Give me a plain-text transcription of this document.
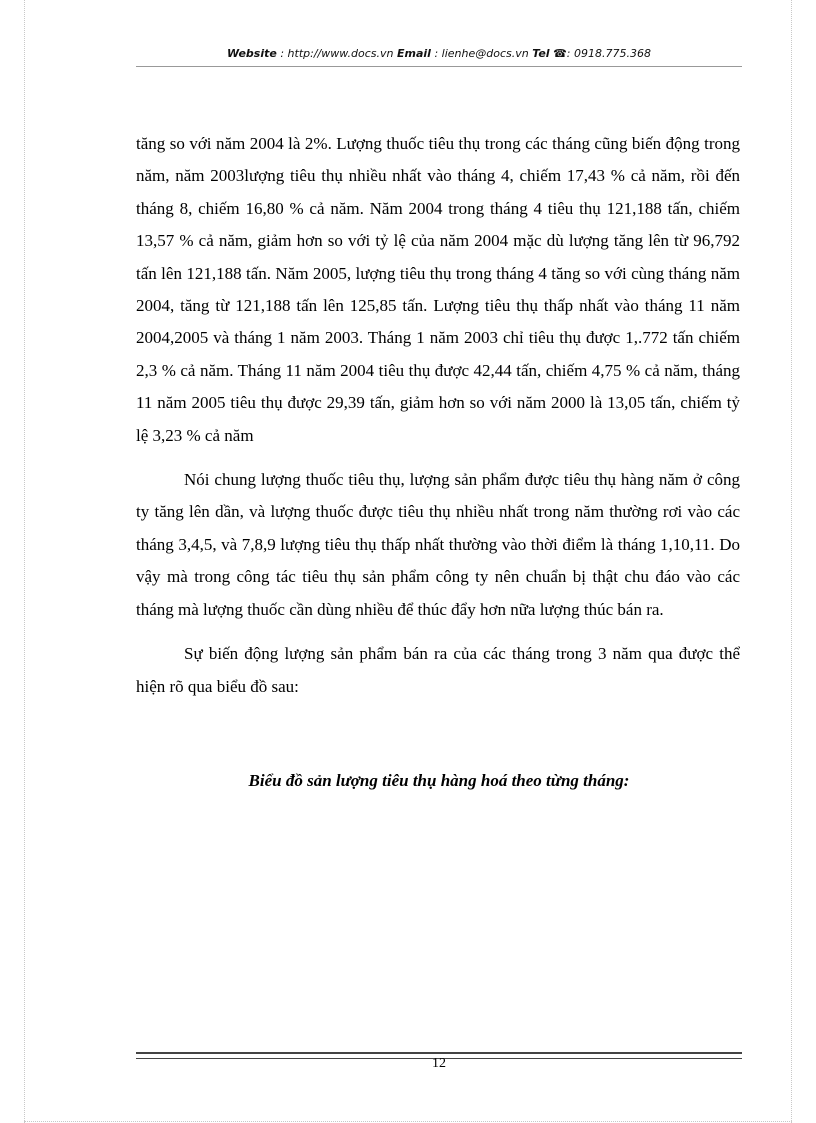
Website : http://www.docs.vn Email : lienhe@docs.vn Tel ☎: 0918.775.368

tăng so với năm 2004 là 2%. Lượng thuốc tiêu thụ trong các tháng cũng biến động trong năm, năm 2003lượng tiêu thụ nhiều nhất vào tháng 4, chiếm 17,43 % cả năm, rồi đến tháng 8, chiếm 16,80 % cả năm. Năm 2004 trong tháng 4 tiêu thụ 121,188 tấn, chiếm 13,57 % cả năm, giảm hơn so với tỷ lệ của năm 2004 mặc dù lượng tăng lên từ 96,792 tấn lên 121,188 tấn. Năm 2005, lượng tiêu thụ trong tháng 4 tăng so với cùng tháng năm 2004, tăng từ 121,188 tấn lên 125,85 tấn. Lượng tiêu thụ thấp nhất vào tháng 11 năm 2004,2005 và tháng 1 năm 2003. Tháng 1 năm 2003 chỉ tiêu thụ được 1,.772 tấn chiếm 2,3 % cả năm. Tháng 11 năm 2004 tiêu thụ được 42,44 tấn, chiếm 4,75 % cả năm, tháng 11 năm 2005 tiêu thụ được 29,39 tấn, giảm hơn so với năm 2000 là 13,05 tấn, chiếm tỷ lệ 3,23 % cả năm

Nói chung lượng thuốc tiêu thụ, lượng sản phẩm được tiêu thụ hàng năm ở công ty tăng lên dần, và lượng thuốc được tiêu thụ nhiều nhất trong năm thường rơi vào các tháng 3,4,5, và 7,8,9 lượng tiêu thụ thấp nhất thường vào thời điểm là tháng 1,10,11. Do vậy mà trong công tác tiêu thụ sản phẩm công ty nên chuẩn bị thật chu đáo vào các tháng mà lượng thuốc cần dùng nhiều để thúc đẩy hơn nữa lượng thúc bán ra.

Sự biến động lượng sản phẩm bán ra của các tháng trong 3 năm qua được thể hiện rõ qua biểu đồ sau:

Biểu đồ sản lượng tiêu thụ hàng hoá theo từng tháng:
12
